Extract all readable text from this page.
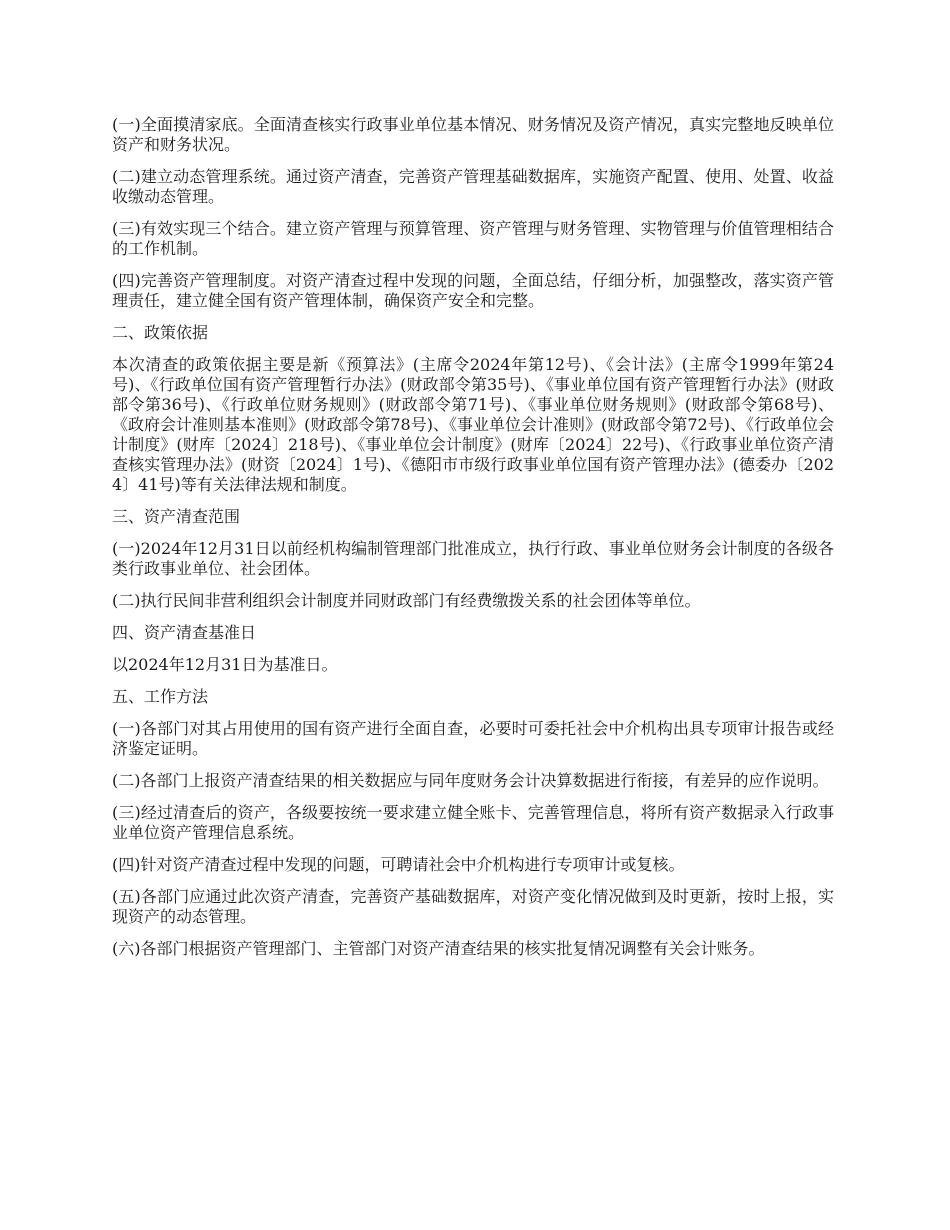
(一)全面摸清家底。全面清查核实行政事业单位基本情况、财务情况及资产情况，真实完整地反映单位资产和财务状况。

(二)建立动态管理系统。通过资产清查，完善资产管理基础数据库，实施资产配置、使用、处置、收益收缴动态管理。

(三)有效实现三个结合。建立资产管理与预算管理、资产管理与财务管理、实物管理与价值管理相结合的工作机制。

(四)完善资产管理制度。对资产清查过程中发现的问题，全面总结，仔细分析，加强整改，落实资产管理责任，建立健全国有资产管理体制，确保资产安全和完整。

二、政策依据

本次清查的政策依据主要是新《预算法》(主席令2024年第12号)、《会计法》(主席令1999年第24号)、《行政单位国有资产管理暂行办法》(财政部令第35号)、《事业单位国有资产管理暂行办法》(财政部令第36号)、《行政单位财务规则》(财政部令第71号)、《事业单位财务规则》(财政部令第68号)、《政府会计准则基本准则》(财政部令第78号)、《事业单位会计准则》(财政部令第72号)、《行政单位会计制度》(财库〔2024〕218号)、《事业单位会计制度》(财库〔2024〕22号)、《行政事业单位资产清查核实管理办法》(财资〔2024〕1号)、《德阳市市级行政事业单位国有资产管理办法》(德委办〔2024〕41号)等有关法律法规和制度。

三、资产清查范围

(一)2024年12月31日以前经机构编制管理部门批准成立，执行行政、事业单位财务会计制度的各级各类行政事业单位、社会团体。

(二)执行民间非营利组织会计制度并同财政部门有经费缴拨关系的社会团体等单位。

四、资产清查基准日

以2024年12月31日为基准日。

五、工作方法

(一)各部门对其占用使用的国有资产进行全面自查，必要时可委托社会中介机构出具专项审计报告或经济鉴定证明。

(二)各部门上报资产清查结果的相关数据应与同年度财务会计决算数据进行衔接，有差异的应作说明。

(三)经过清查后的资产，各级要按统一要求建立健全账卡、完善管理信息，将所有资产数据录入行政事业单位资产管理信息系统。

(四)针对资产清查过程中发现的问题，可聘请社会中介机构进行专项审计或复核。

(五)各部门应通过此次资产清查，完善资产基础数据库，对资产变化情况做到及时更新，按时上报，实现资产的动态管理。

(六)各部门根据资产管理部门、主管部门对资产清查结果的核实批复情况调整有关会计账务。
